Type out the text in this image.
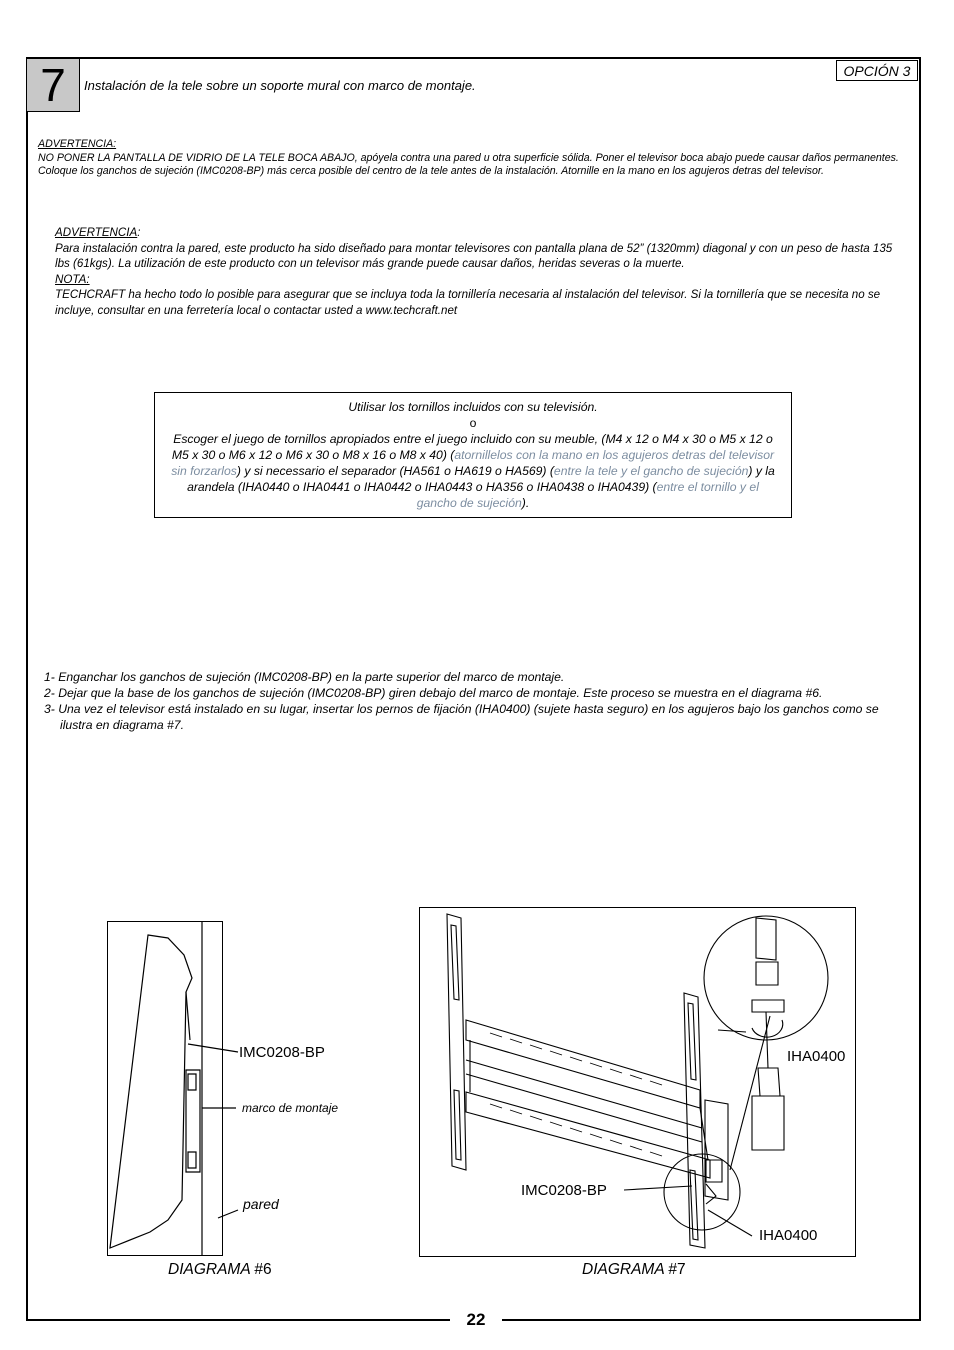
7	Instalación de la tele sobre un soporte mural con marco de montaje.
OPCIÓN 3
ADVERTENCIA:
NO PONER LA PANTALLA DE VIDRIO DE LA TELE BOCA ABAJO, apóyela contra una pared u otra superficie sólida. Poner el televisor boca abajo puede causar daños permanentes. Coloque los ganchos de sujeción (IMC0208-BP) más cerca posible del centro de la tele antes de la instalación. Atornille en la mano en los agujeros detras del televisor.
ADVERTENCIA:
Para instalación contra la pared, este producto ha sido diseñado para montar televisores con pantalla plana de 52” (1320mm) diagonal y con un peso de hasta 135 lbs (61kgs). La utilización de este producto con un televisor más grande puede causar daños, heridas severas o la muerte.
NOTA:
TECHCRAFT ha hecho todo lo posible para asegurar que se incluya toda la tornillería necesaria al instalación del televisor. Si la tornillería que se necesita no se incluye, consultar en una ferretería local o contactar usted a www.techcraft.net
Utilisar los tornillos incluidos con su televisión.
o
Escoger el juego de tornillos apropiados entre el juego incluido con su meuble, (M4 x 12 o M4 x 30 o M5 x 12 o M5 x 30 o M6 x 12 o M6 x 30 o M8 x 16 o M8 x 40) (atornillelos con la mano en los agujeros detras del televisor sin forzarlos) y si necessario el separador (HA561 o HA619 o HA569) (entre la tele y el gancho de sujeción) y la arandela (IHA0440 o IHA0441 o IHA0442 o IHA0443 o HA356 o IHA0438 o IHA0439) (entre el tornillo y el gancho de sujeción).
1- Enganchar los ganchos de sujeción (IMC0208-BP) en la parte superior del marco de montaje.
2- Dejar que la base de los ganchos de sujeción (IMC0208-BP) giren debajo del marco de montaje. Este proceso se muestra en el diagrama #6.
3- Una vez el televisor está instalado en su lugar, insertar los pernos de fijación (IHA0400) (sujete hasta seguro) en los agujeros bajo los ganchos como se ilustra en diagrama #7.
IMC0208-BP
marco de montaje
pared
DIAGRAMA #6
IHA0400
IMC0208-BP
IHA0400
DIAGRAMA #7
22
